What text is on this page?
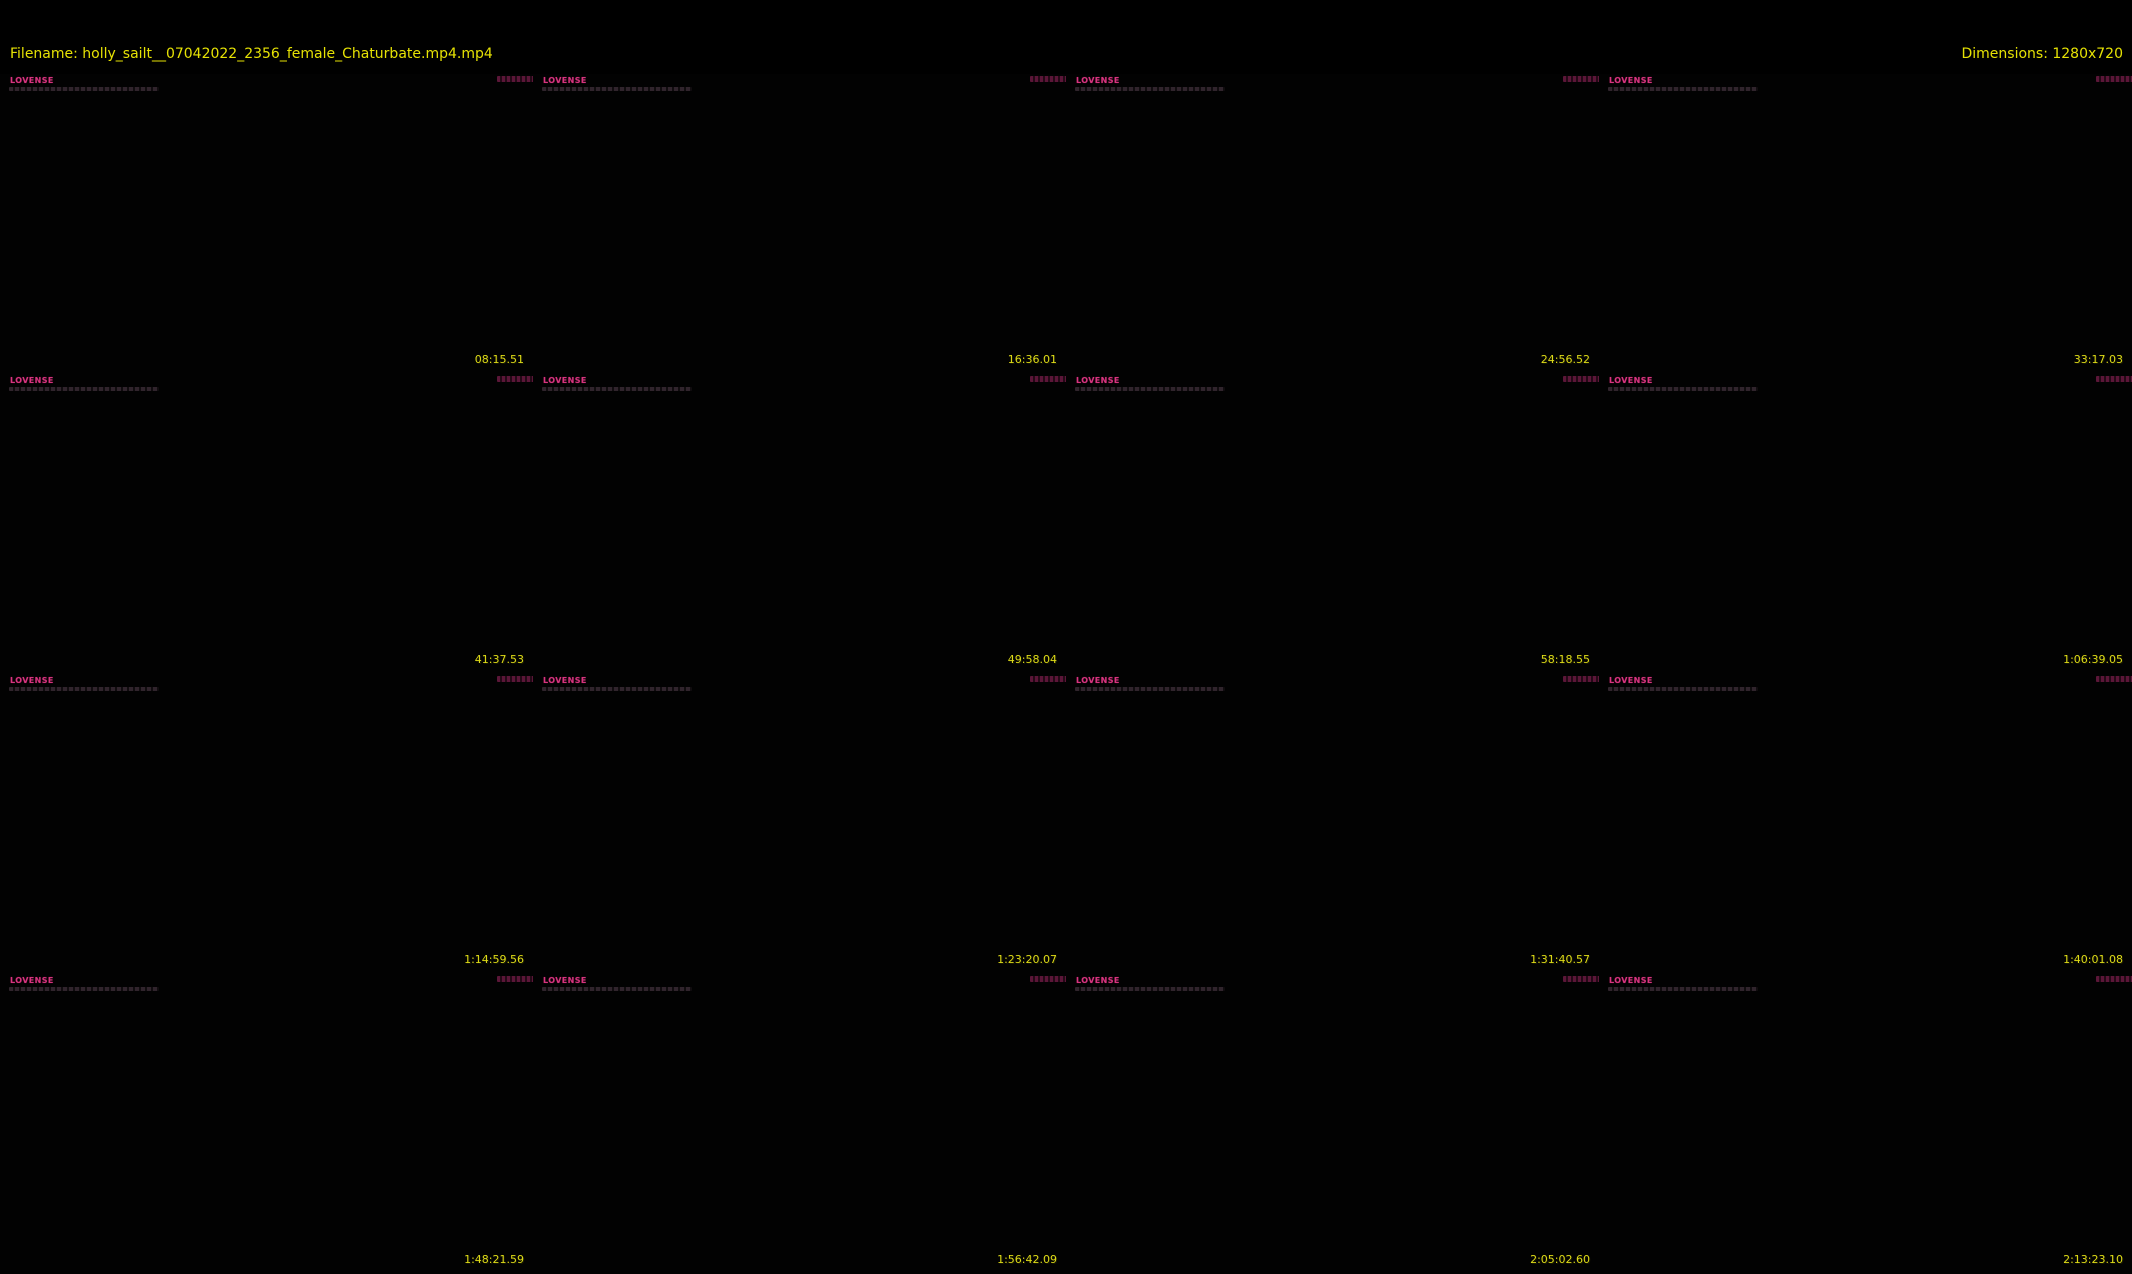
Filename: holly_sailt__07042022_2356_female_Chaturbate.mp4.mp4

	Dimensions: 1280x720

LOVENSE
08:15.51
LOVENSE
16:36.01
LOVENSE
24:56.52
LOVENSE
33:17.03
LOVENSE
41:37.53
LOVENSE
49:58.04
LOVENSE
58:18.55
LOVENSE
1:06:39.05
LOVENSE
1:14:59.56
LOVENSE
1:23:20.07
LOVENSE
1:31:40.57
LOVENSE
1:40:01.08
LOVENSE
1:48:21.59
LOVENSE
1:56:42.09
LOVENSE
2:05:02.60
LOVENSE
2:13:23.10
